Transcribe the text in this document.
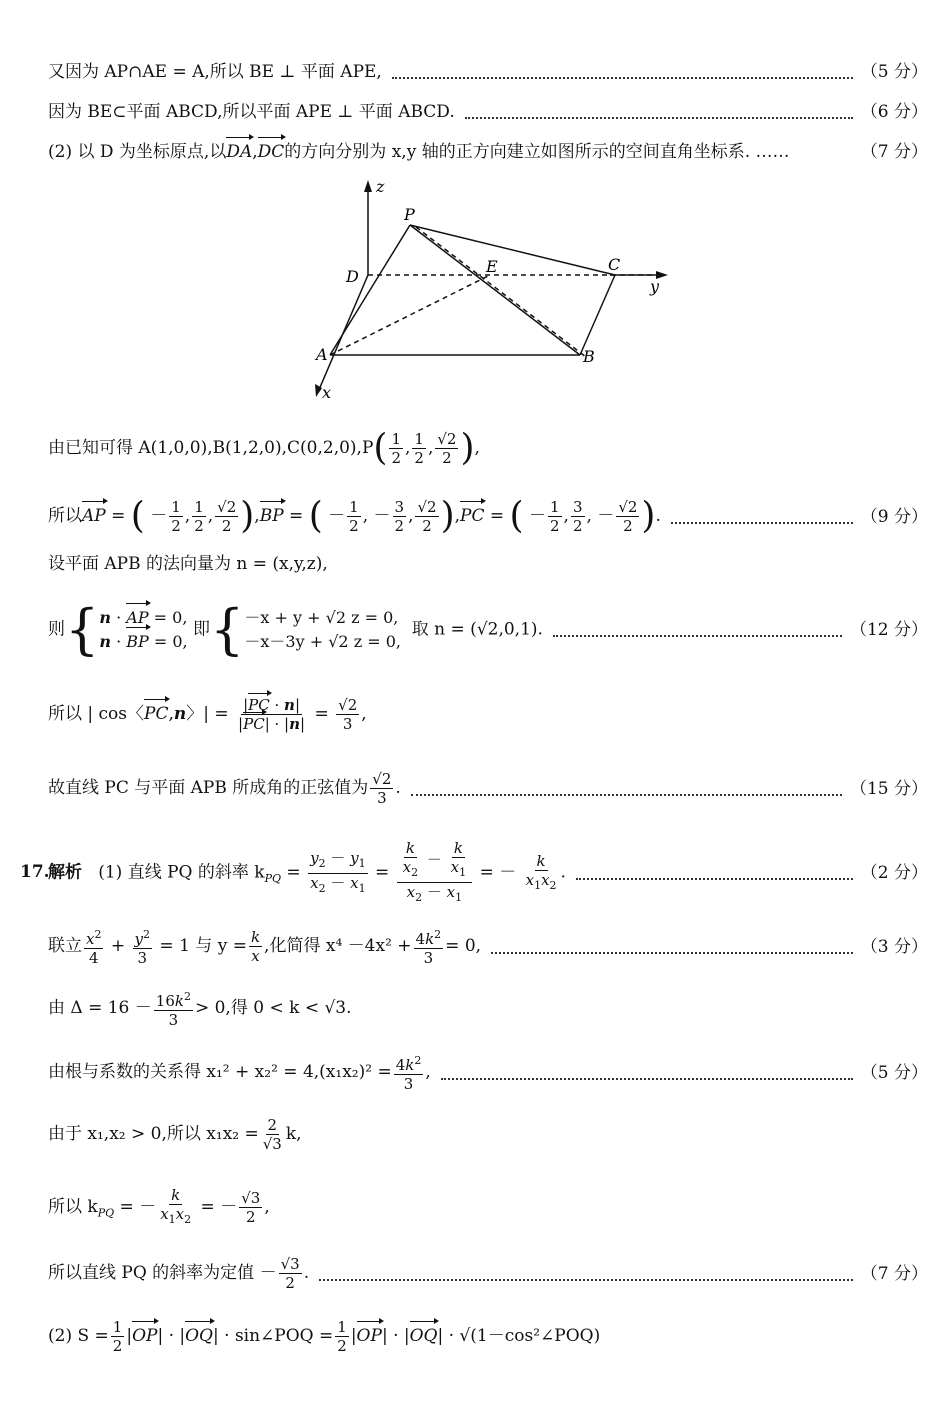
又因为 AP∩AE = A,所以 BE ⊥ 平面 APE,	（5 分）
因为 BE⊂平面 ABCD,所以平面 APE ⊥ 平面 ABCD.	（6 分）
(2) 以 D 为坐标原点,以DA,DC的方向分别为 x,y 轴的正方向建立如图所示的空间直角坐标系. ……	（7 分）
z
y
x
P
D
E	C
A	B
由已知可得 $A(1,0,0),B(1,2,0),C(0,2,0),P( \frac{1}{2}$ , $\frac{1}{2}$ , $\frac{√2}{2}$ ),
所以AP = ( － $\frac{1}{2}$ , $\frac{1}{2}$ , $\frac{√2}{2} ),BP$ = ( － $\frac{1}{2}$ , － $\frac{3}{2}$ , $\frac{√2}{2} ),PC$ = ( － $\frac{1}{2}$ , $\frac{3}{2}$ , － $\frac{√2}{2}$ ).	（9 分）
设平面 APB 的法向量为 n = (x,y,z),
则{ n · AP = 0,
n · BP = 0,
即{ －x + y + √2 z = 0,
－x－3y + √2 z = 0,
取 n = (√2,0,1).	（12 分）
所以 | cos〈PC,n〉| = $\frac{|PC \cdot n|}{|PC| \cdot |n|} = \frac{√2}{3}$ ,
故直线 PC 与平面 APB 所成角的正弦值为 $\frac{√2}{3}$ .	（15 分）
17.
解析 (1) 直线 PQ 的斜率 $k_{PQ} = \frac{y_2 - y_1}{x_2 - x_1} = \frac{\frac{k}{x_2} - \frac{k}{x_1}}{x_2 - x_1}$ = － $\frac{k}{x_1x_2}$ .	（2 分）
联立 $\frac{x^2}{4} + \frac{y^2}{3} = 1$ 与 $y = \frac{k}{x}$ ,化简得 $x^4 -4x^2 + \frac{4k^2}{3} = 0$,	（3 分）
由 $\Delta = 16 - \frac{16k^2}{3} > 0$,得 0 < k < √3.
由根与系数的关系得 $x_1^2 + x_2^2 = 4,(x_1x_2)^2 = \frac{4k^2}{3}$ ,	（5 分）
由于 x₁,x₂ > 0,所以 $x_1x_2 = \frac{2}{√3} k$,
所以 $k_{PQ}$ = － $\frac{k}{x_1x_2}$ = － $\frac{√3}{2}$ ,
所以直线 PQ 的斜率为定值 － $\frac{√3}{2}$ .	（7 分）
(2) $S = \frac{1}{2} |OP| \cdot |OQ|$ · sin∠POQ = $\frac{1}{2} |OP| \cdot |OQ|$ · √(1－cos²∠POQ)
